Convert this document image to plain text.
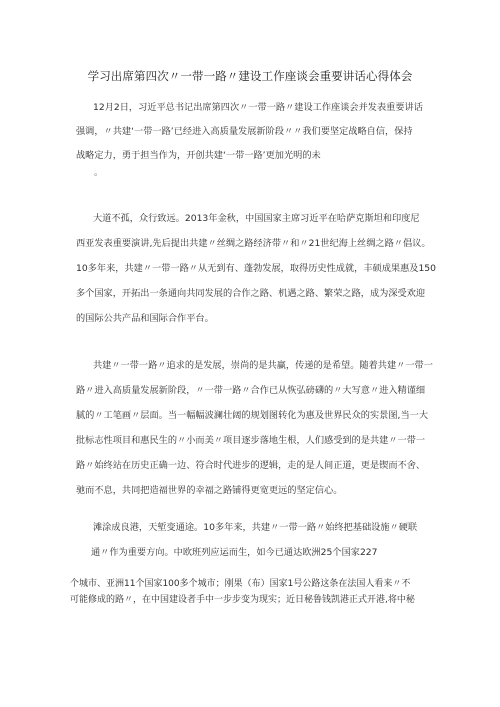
学习出席第四次〃一带一路〃建设工作座谈会重要讲话心得体会
12月2日，习近平总书记出席第四次〃一带一路〃建设工作座谈会并发表重要讲话
强调，〃共建‘一带一路’已经进入高质量发展新阶段〃〃我们要坚定战略自信，保持
战略定力，勇于担当作为，开创共建‘一带一路’更加光明的未
。
大道不孤，众行致远。2013年金秋，中国国家主席习近平在哈萨克斯坦和印度尼
西亚发表重要演讲,先后提出共建〃丝绸之路经济带〃和〃21世纪海上丝绸之路〃倡议。
10多年来，共建〃一带一路〃从无到有、蓬勃发展，取得历史性成就，丰硕成果惠及150
多个国家，开拓出一条通向共同发展的合作之路、机遇之路、繁荣之路，成为深受欢迎
的国际公共产品和国际合作平台。
共建〃一带一路〃追求的是发展，崇尚的是共赢，传递的是希望。随着共建〃一带一
路〃进入高质量发展新阶段，〃一带一路〃合作已从恢弘磅礴的〃大写意〃进入精谨细
腻的〃工笔画〃层面。当一幅幅波澜壮阔的规划图转化为惠及世界民众的实景图,当一大
批标志性项目和惠民生的〃小而美〃项目逐步落地生根，人们感受到的是共建〃一带一
路〃始终站在历史正确一边、符合时代进步的逻辑，走的是人间正道，更是锲而不舍、
驰而不息，共同把造福世界的幸福之路铺得更宽更远的坚定信心。
滩涂成良港，天堑变通途。10多年来，共建〃一带一路〃始终把基础设施〃硬联
通〃作为重要方向。中欧班列应运而生，如今已通达欧洲25个国家227
个城市、亚洲11个国家100多个城市；刚果（布）国家1号公路这条在法国人看来〃不
可能修成的路〃，在中国建设者手中一步步变为现实；近日秘鲁钱凯港正式开港,将中秘
